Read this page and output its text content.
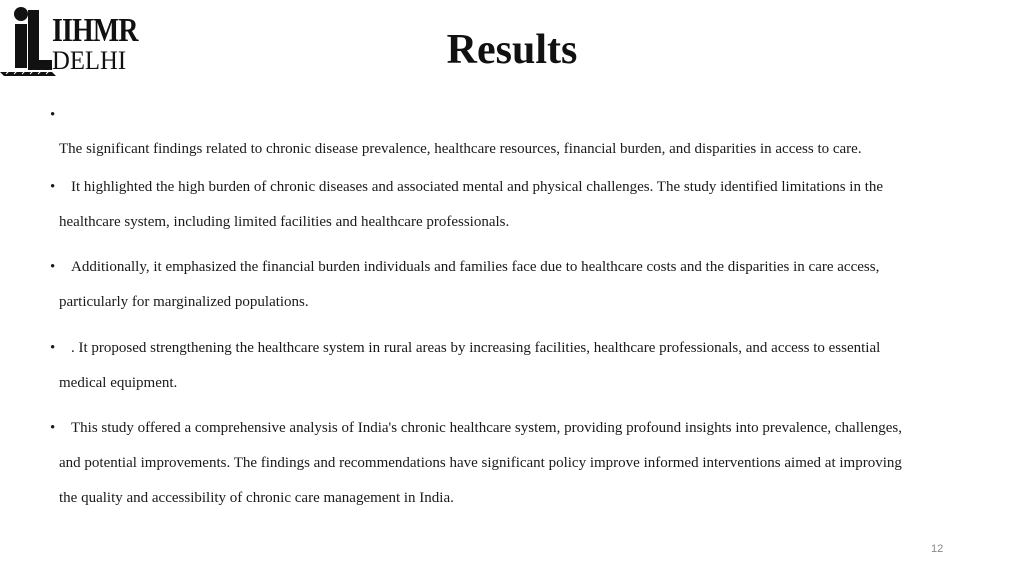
IIHMR
DELHI	Results
•
The significant findings related to chronic disease prevalence, healthcare resources, financial burden, and disparities in access to care.
• It highlighted the high burden of chronic diseases and associated mental and physical challenges. The study identified limitations in the
healthcare system, including limited facilities and healthcare professionals.
• Additionally, it emphasized the financial burden individuals and families face due to healthcare costs and the disparities in care access,
particularly for marginalized populations.
• . It proposed strengthening the healthcare system in rural areas by increasing facilities, healthcare professionals, and access to essential
medical equipment.
• This study offered a comprehensive analysis of India's chronic healthcare system, providing profound insights into prevalence, challenges,
and potential improvements. The findings and recommendations have significant policy improve informed interventions aimed at improving
the quality and accessibility of chronic care management in India.
12
